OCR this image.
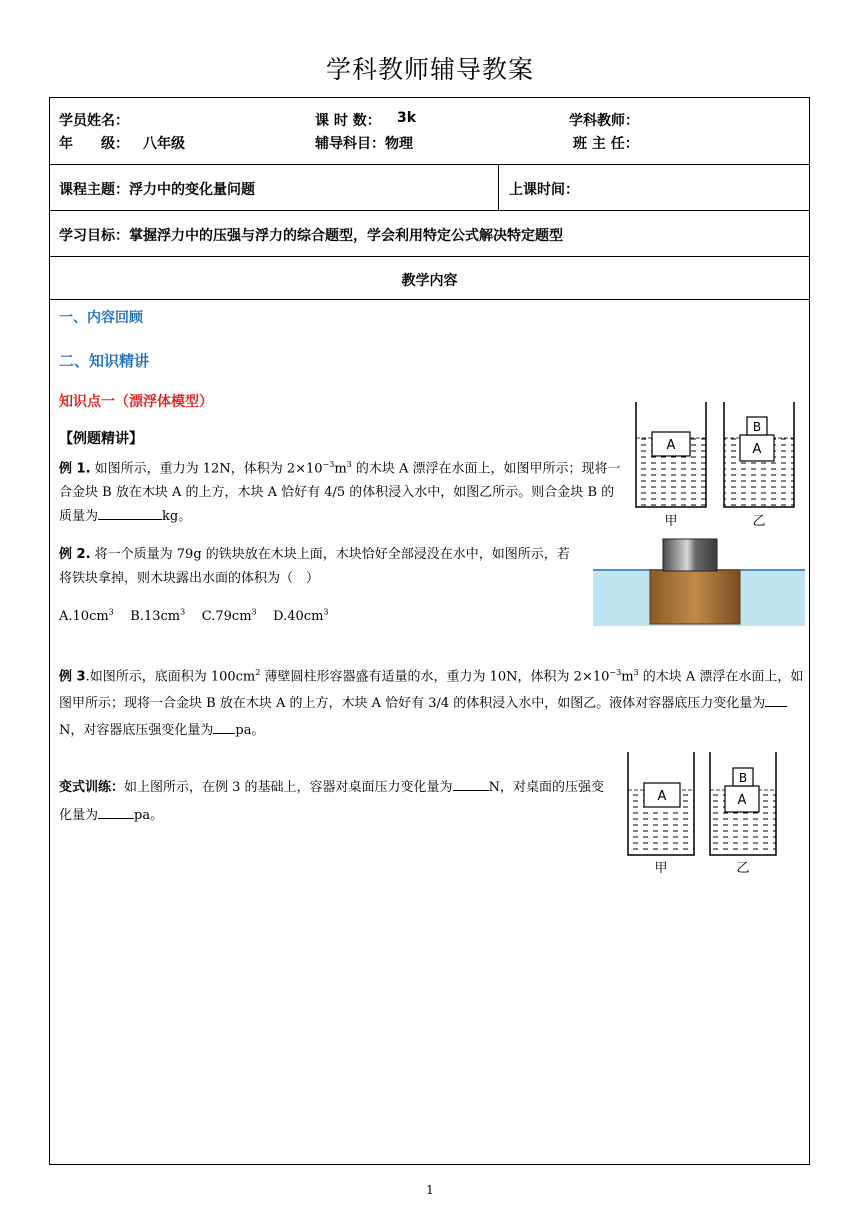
学科教师辅导教案
学员姓名：	课 时 数： 3k	学科教师：
年　　级： 八年级	辅导科目： 物理	班 主 任：
课程主题： 浮力中的变化量问题	上课时间：
学习目标： 掌握浮力中的压强与浮力的综合题型，学会利用特定公式解决特定题型
教学内容
一、内容回顾
二、知识精讲
知识点一（漂浮体模型）
【例题精讲】
例 1. 如图所示，重力为 12N，体积为 $2\times 10^{-3}m^3$ 的木块 A 漂浮在水面上，如图甲所示；现将一合金块 B 放在木块 A 的上方，木块 A 恰好有 4/5 的体积浸入水中，如图乙所示。则合金块 B 的质量为	kg。
例 2. 将一个质量为 79g 的铁块放在木块上面，木块恰好全部浸没在水中，如图所示，若将铁块拿掉，则木块露出水面的体积为（　）
$A.10cm^3$ $B.13cm^3$ $C.79cm^3$ $D.40cm^3$
例 3.如图所示，底面积为 $100cm^2$ 薄壁圆柱形容器盛有适量的水，重力为 10N，体积为 $2\times 10^{-3}m^3$ 的木块 A 漂浮在水面上，如图甲所示；现将一合金块 B 放在木块 A 的上方，木块 A 恰好有 3/4 的体积浸入水中，如图乙。液体对容器底压力变化量为N，对容器底压强变化量为 pa。
变式训练：如上图所示，在例 3 的基础上，容器对桌面压力变化量为	N，对桌面的压强变化量为	pa。
A	A
B
甲	乙
A	A
B
甲	乙
1
